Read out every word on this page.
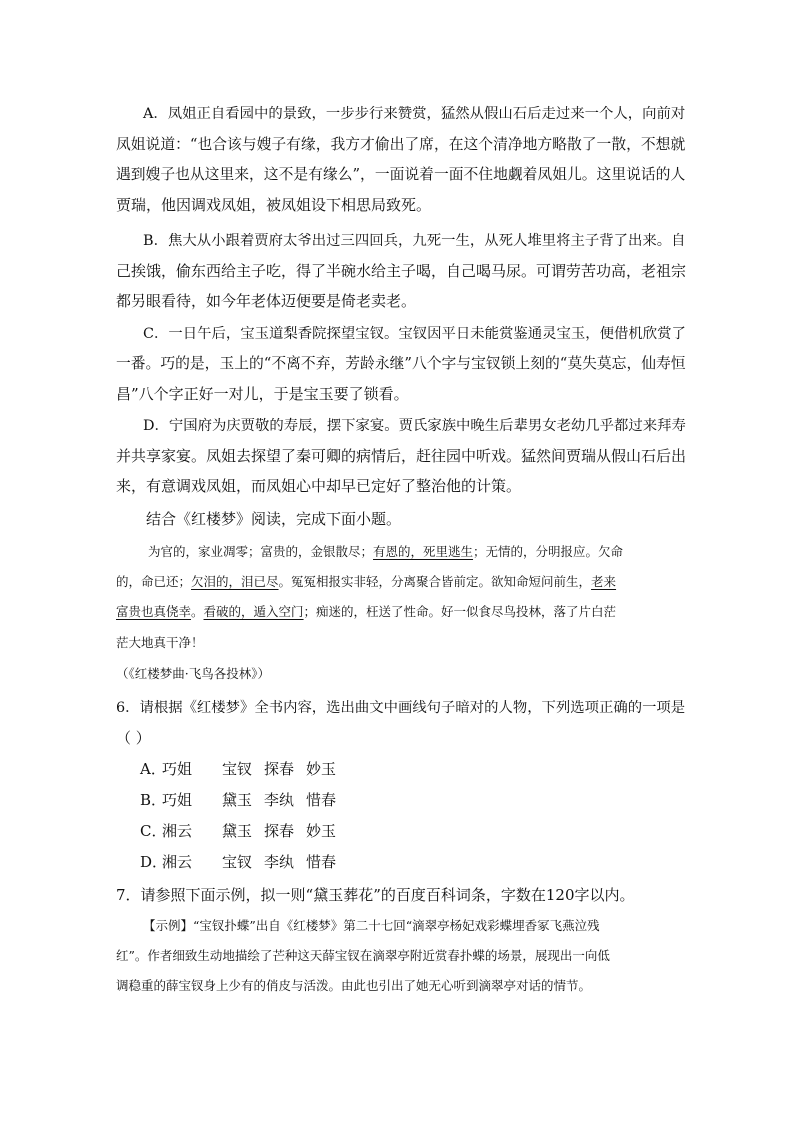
A．凤姐正自看园中的景致，一步步行来赞赏，猛然从假山石后走过来一个人，向前对
凤姐说道：“也合该与嫂子有缘，我方才偷出了席，在这个清净地方略散了一散，不想就
遇到嫂子也从这里来，这不是有缘么”，一面说着一面不住地觑着凤姐儿。这里说话的人
贾瑞，他因调戏凤姐，被凤姐设下相思局致死。
B．焦大从小跟着贾府太爷出过三四回兵，九死一生，从死人堆里将主子背了出来。自
己挨饿，偷东西给主子吃，得了半碗水给主子喝，自己喝马尿。可谓劳苦功高，老祖宗
都另眼看待，如今年老体迈便要是倚老卖老。
C．一日午后，宝玉道梨香院探望宝钗。宝钗因平日未能赏鉴通灵宝玉，便借机欣赏了
一番。巧的是，玉上的“不离不弃，芳龄永继”八个字与宝钗锁上刻的“莫失莫忘，仙寿恒
昌”八个字正好一对儿，于是宝玉要了锁看。
D．宁国府为庆贾敬的寿辰，摆下家宴。贾氏家族中晚生后辈男女老幼几乎都过来拜寿
并共享家宴。凤姐去探望了秦可卿的病情后，赶往园中听戏。猛然间贾瑞从假山石后出
来，有意调戏凤姐，而凤姐心中却早已定好了整治他的计策。
结合《红楼梦》阅读，完成下面小题。
为官的，家业凋零；富贵的，金银散尽；有恩的，死里逃生；无情的，分明报应。欠命
的，命已还；欠泪的，泪已尽。冤冤相报实非轻，分离聚合皆前定。欲知命短问前生，老来
富贵也真侥幸。看破的，遁入空门；痴迷的，枉送了性命。好一似食尽鸟投林，落了片白茫
茫大地真干净！
（《红楼梦曲·飞鸟各投林》）
6．请根据《红楼梦》全书内容，选出曲文中画线句子暗对的人物，下列选项正确的一项是
（ ）
A．巧姐 宝钗 探春 妙玉
B．巧姐 黛玉 李纨 惜春
C．湘云 黛玉 探春 妙玉
D．湘云 宝钗 李纨 惜春
7．请参照下面示例，拟一则“黛玉葬花”的百度百科词条，字数在120字以内。
【示例】“宝钗扑蝶”出自《红楼梦》第二十七回“滴翠亭杨妃戏彩蝶埋香冢飞燕泣残
红”。作者细致生动地描绘了芒种这天薛宝钗在滴翠亭附近赏春扑蝶的场景，展现出一向低
调稳重的薛宝钗身上少有的俏皮与活泼。由此也引出了她无心听到滴翠亭对话的情节。
